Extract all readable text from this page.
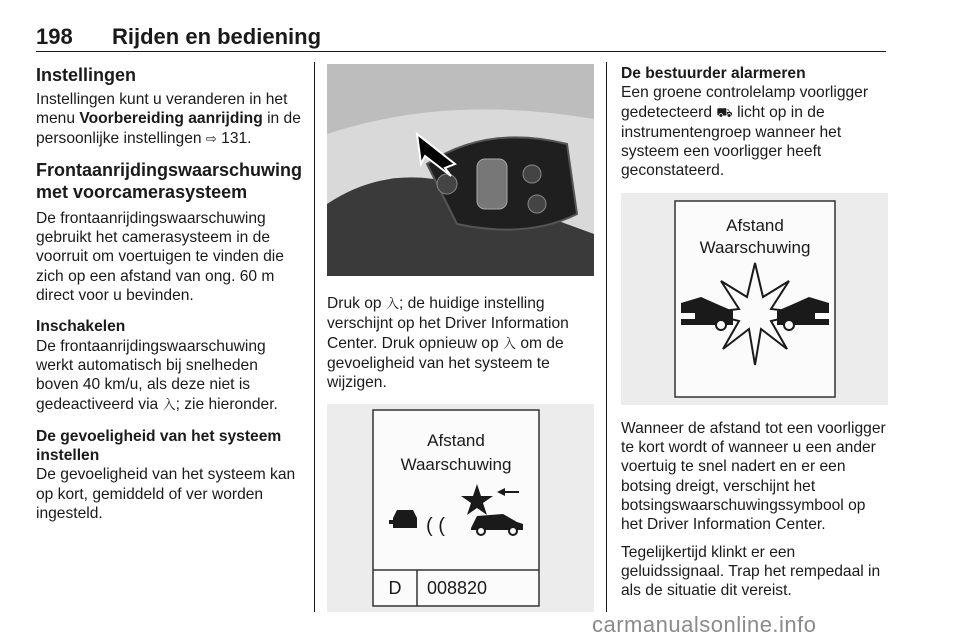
198 Rijden en bediening
Instellingen

Instellingen kunt u veranderen in het menu Voorbereiding aanrijding in de persoonlijke instellingen ⇨ 131.

Frontaanrijdingswaarschuwing met voorcamerasysteem

De frontaanrijdingswaarschuwing gebruikt het camerasysteem in de voorruit om voertuigen te vinden die zich op een afstand van ong. 60 m direct voor u bevinden.

Inschakelen

De frontaanrijdingswaarschuwing werkt automatisch bij snelheden boven 40 km/u, als deze niet is gedeactiveerd via ⼊; zie hieronder.

De gevoeligheid van het systeem instellen

De gevoeligheid van het systeem kan op kort, gemiddeld of ver worden ingesteld.

Druk op ⼊; de huidige instelling verschijnt op het Driver Information Center. Druk opnieuw op ⼊ om de gevoeligheid van het systeem te wijzigen.

Afstand
Waarschuwing
( (
D 008820
De bestuurder alarmeren

Een groene controlelamp voorligger gedetecteerd ⛟ licht op in de instrumentengroep wanneer het systeem een voorligger heeft geconstateerd.

Afstand
Waarschuwing

Wanneer de afstand tot een voorligger te kort wordt of wanneer u een ander voertuig te snel nadert en er een botsing dreigt, verschijnt het botsingswaarschuwingssymbool op het Driver Information Center.

Tegelijkertijd klinkt er een geluidssignaal. Trap het rempedaal in als de situatie dit vereist.

carmanualsonline.info
